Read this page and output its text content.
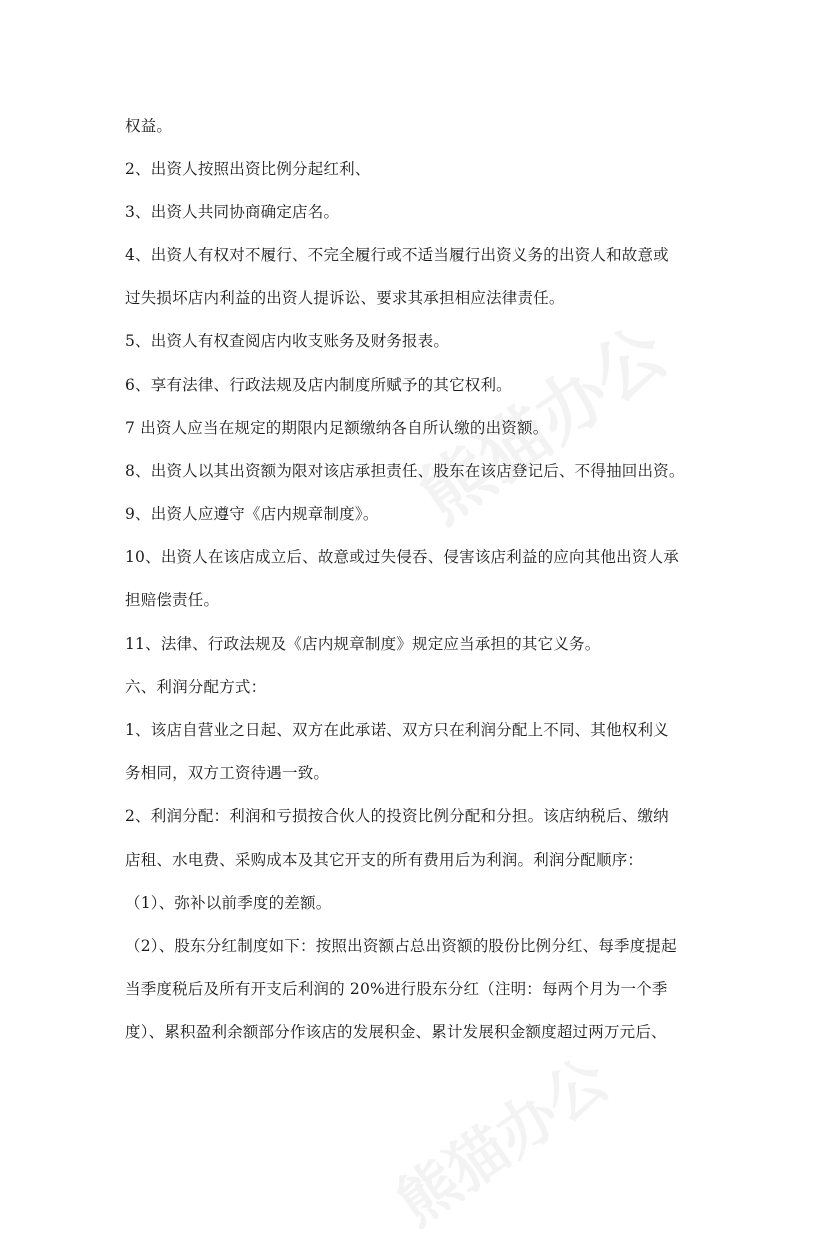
权益。
2、出资人按照出资比例分起红利、
3、出资人共同协商确定店名。
4、出资人有权对不履行、不完全履行或不适当履行出资义务的出资人和故意或
过失损坏店内利益的出资人提诉讼、要求其承担相应法律责任。
5、出资人有权查阅店内收支账务及财务报表。
6、享有法律、行政法规及店内制度所赋予的其它权利。
7 出资人应当在规定的期限内足额缴纳各自所认缴的出资额。
8、出资人以其出资额为限对该店承担责任、股东在该店登记后、不得抽回出资。
9、出资人应遵守《店内规章制度》。
10、出资人在该店成立后、故意或过失侵吞、侵害该店利益的应向其他出资人承
担赔偿责任。
11、法律、行政法规及《店内规章制度》规定应当承担的其它义务。
六、利润分配方式：
1、该店自营业之日起、双方在此承诺、双方只在利润分配上不同、其他权利义
务相同，双方工资待遇一致。
2、利润分配：利润和亏损按合伙人的投资比例分配和分担。该店纳税后、缴纳
店租、水电费、采购成本及其它开支的所有费用后为利润。利润分配顺序：
（1）、弥补以前季度的差额。
（2）、股东分红制度如下：按照出资额占总出资额的股份比例分红、每季度提起
当季度税后及所有开支后利润的 20%进行股东分红（注明：每两个月为一个季
度）、累积盈利余额部分作该店的发展积金、累计发展积金额度超过两万元后、
